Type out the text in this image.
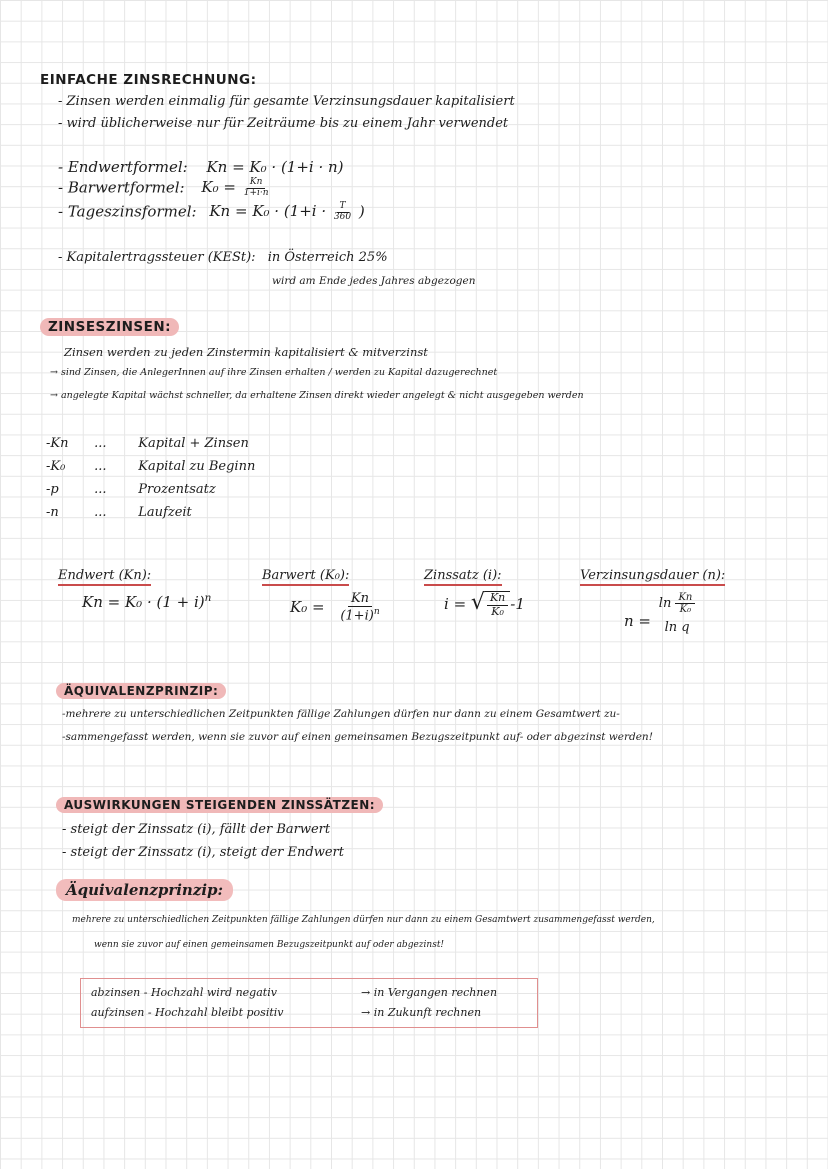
EINFACHE ZINSRECHNUNG:
- Zinsen werden einmalig für gesamte Verzinsungsdauer kapitalisiert
- wird üblicherweise nur für Zeiträume bis zu einem Jahr verwendet
- Endwertformel: Kn = K₀ · (1+i · n)
- Barwertformel: $K_0 = \frac{Kn}{1+i\cdot n}$
- Tageszinsformel: $Kn = K_0 \cdot (1+i \cdot \frac{T}{360}$ )
- Kapitalertragssteuer (KESt): in Österreich 25%
wird am Ende jedes Jahres abgezogen
ZINSESZINSEN:
Zinsen werden zu jeden Zinstermin kapitalisiert & mitverzinst
→ sind Zinsen, die AnlegerInnen auf ihre Zinsen erhalten / werden zu Kapital dazugerechnet
→ angelegte Kapital wächst schneller, da erhaltene Zinsen direkt wieder angelegt & nicht ausgegeben werden
-Kn ... Kapital + Zinsen
-K₀ ... Kapital zu Beginn
-p	... Prozentsatz
-n	... Laufzeit
Endwert (Kn):
$Kn = K_0 \cdot (1 + i)^n$
Barwert (K₀):
$K_0 = \frac{Kn}{(1+i)^n}$
Zinssatz (i):
i = √ $\frac{Kn}{\text{K₀}} -1$
Verzinsungsdauer (n):
n =
$\ln \frac{Kn}{\text{K₀}}$
ln q
ÄQUIVALENZPRINZIP:
-mehrere zu unterschiedlichen Zeitpunkten fällige Zahlungen dürfen nur dann zu einem Gesamtwert zu-
-sammengefasst werden, wenn sie zuvor auf einen gemeinsamen Bezugszeitpunkt auf- oder abgezinst werden!
AUSWIRKUNGEN STEIGENDEN ZINSSÄTZEN:
- steigt der Zinssatz (i), fällt der Barwert
- steigt der Zinssatz (i), steigt der Endwert
Äquivalenzprinzip:
mehrere zu unterschiedlichen Zeitpunkten fällige Zahlungen dürfen nur dann zu einem Gesamtwert zusammengefasst werden,
wenn sie zuvor auf einen gemeinsamen Bezugszeitpunkt auf oder abgezinst!
abzinsen - Hochzahl wird negativ	→ in Vergangen rechnen
aufzinsen - Hochzahl bleibt positiv	→ in Zukunft rechnen
